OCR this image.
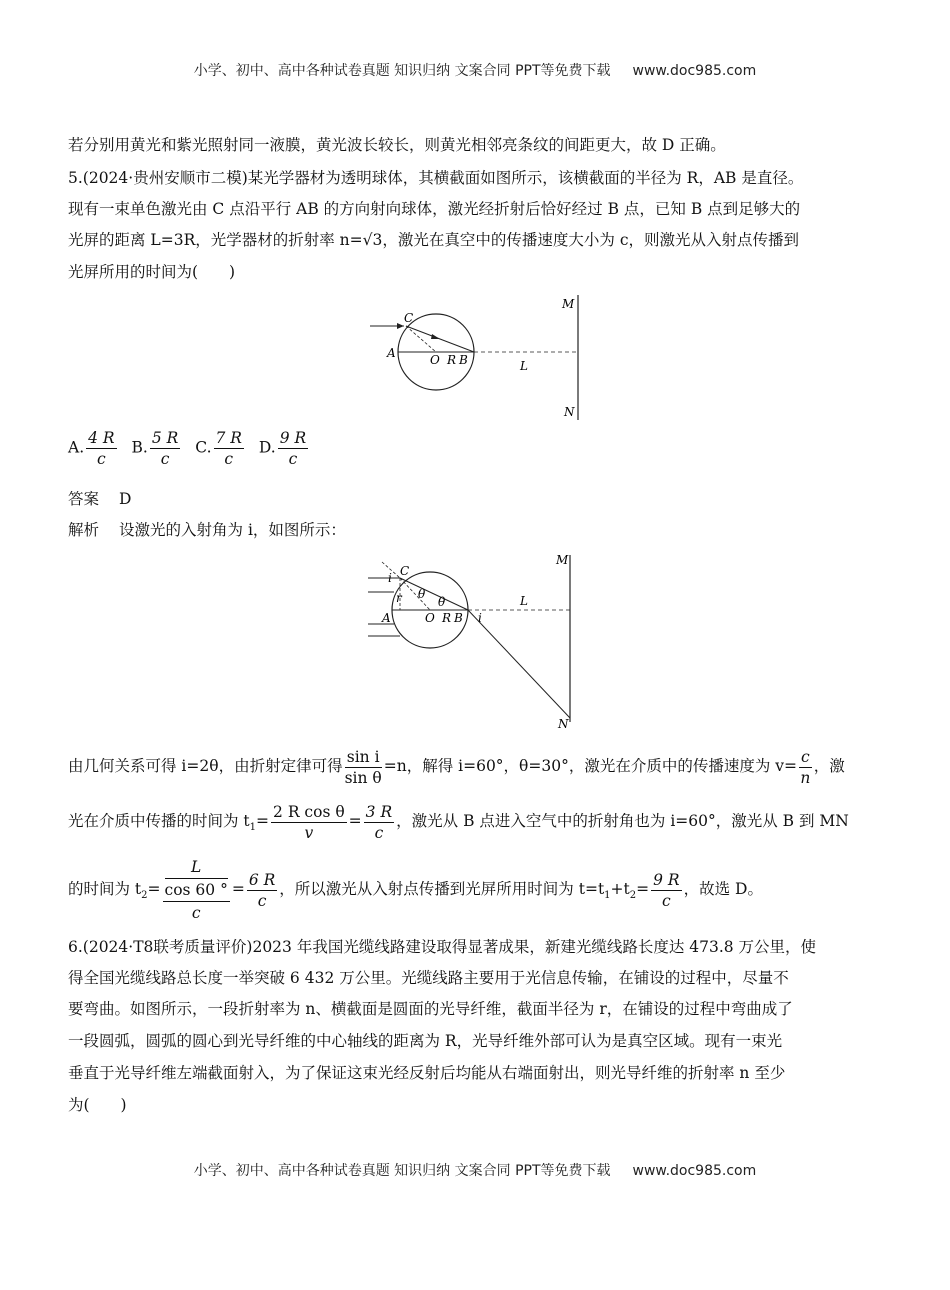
小学、初中、高中各种试卷真题 知识归纳 文案合同 PPT等免费下载 www.doc985.com
若分别用黄光和紫光照射同一液膜，黄光波长较长，则黄光相邻亮条纹的间距更大，故 D 正确。
5.(2024·贵州安顺市二模)某光学器材为透明球体，其横截面如图所示，该横截面的半径为 R，AB 是直径。
现有一束单色激光由 C 点沿平行 AB 的方向射向球体，激光经折射后恰好经过 B 点，已知 B 点到足够大的
光屏的距离 L=3R，光学器材的折射率 n=√3，激光在真空中的传播速度大小为 c，则激光从入射点传播到
光屏所用的时间为(　　)
C
A	O R B	L
M
N
A. $\frac{4 R}{c} B$. $\frac{5 R}{c} C$. $\frac{7 R}{c} D$. $\frac{9 R}{c}$
答案 D
解析 设激光的入射角为 i，如图所示：
C
i
r θ
θ
A	O R B i
L
M
N
由几何关系可得 i=2θ，由折射定律可得 $\frac{\text{sin i}}{\text{sin θ}} =n$，解得 i=60°，θ=30°，激光在介质中的传播速度为 $v= \frac{c}{n}$ ，激
光在介质中传播的时间为 $t_1= \frac{\text{2 R cos θ}}{v} = \frac{3 R}{c}$ ，激光从 B 点进入空气中的折射角也为 i=60°，激光从 B 到 MN
的时间为 $t_2= \frac{\frac{L}{\cos 60 ^\circ}}{c} = \frac{6 R}{c}$ ，所以激光从入射点传播到光屏所用时间为 $t=t_1+t_2= \frac{9 R}{c}$ ，故选 D。
6.(2024·T8联考质量评价)2023 年我国光缆线路建设取得显著成果，新建光缆线路长度达 473.8 万公里，使
得全国光缆线路总长度一举突破 6 432 万公里。光缆线路主要用于光信息传输，在铺设的过程中，尽量不
要弯曲。如图所示，一段折射率为 n、横截面是圆面的光导纤维，截面半径为 r，在铺设的过程中弯曲成了
一段圆弧，圆弧的圆心到光导纤维的中心轴线的距离为 R，光导纤维外部可认为是真空区域。现有一束光
垂直于光导纤维左端截面射入，为了保证这束光经反射后均能从右端面射出，则光导纤维的折射率 n 至少
为(　　)
小学、初中、高中各种试卷真题 知识归纳 文案合同 PPT等免费下载 www.doc985.com
